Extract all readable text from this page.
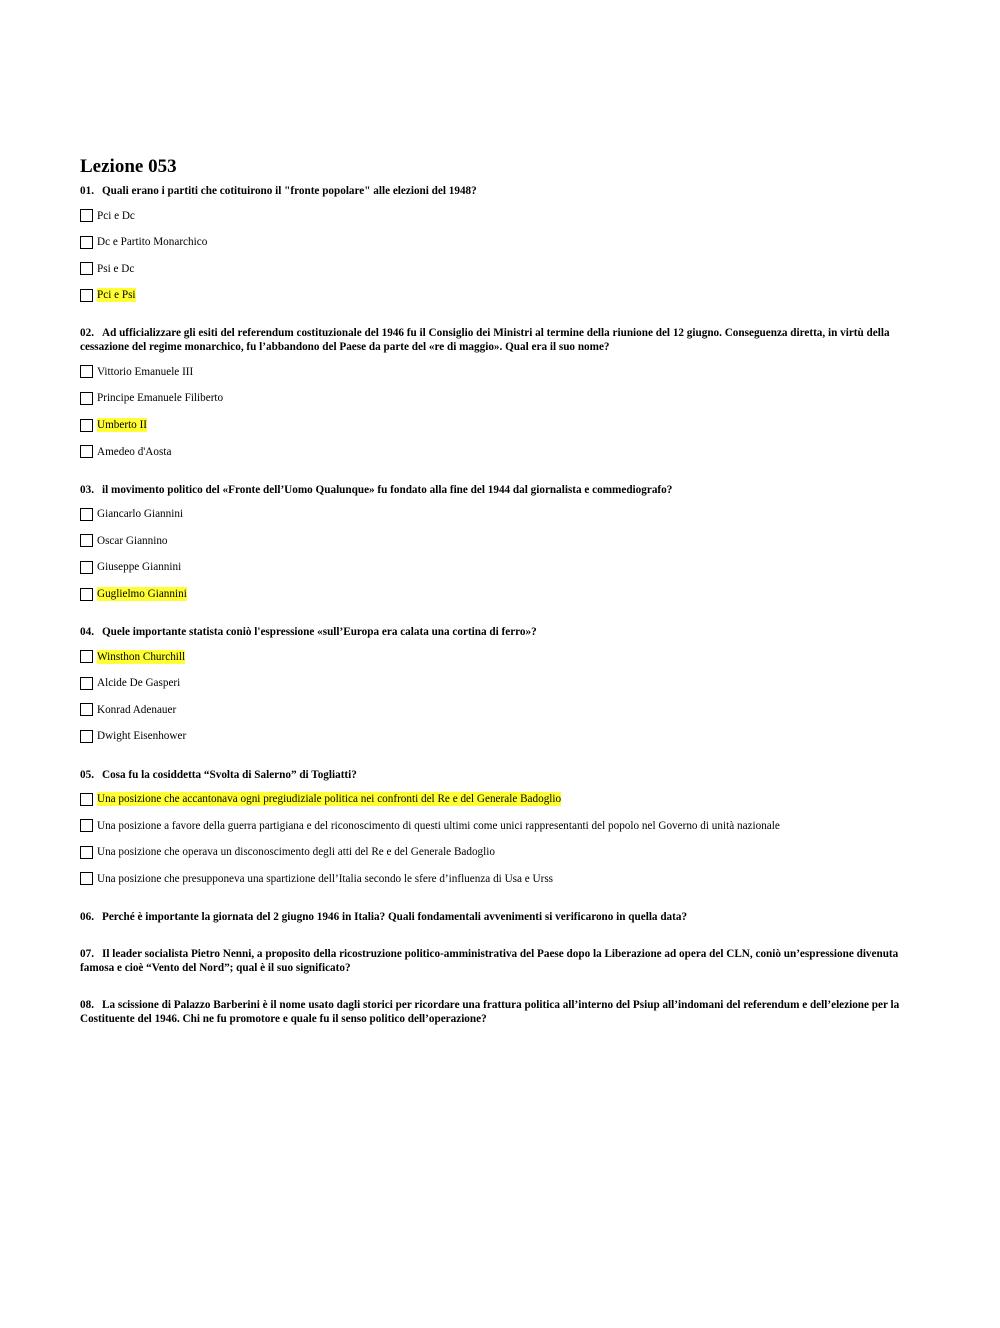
Lezione 053

01. Quali erano i partiti che cotituirono il "fronte popolare" alle elezioni del 1948?

Pci e Dc
Dc e Partito Monarchico
Psi e Dc
Pci e Psi

02. Ad ufficializzare gli esiti del referendum costituzionale del 1946 fu il Consiglio dei Ministri al termine della riunione del 12 giugno. Conseguenza diretta, in virtù della cessazione del regime monarchico, fu l’abbandono del Paese da parte del «re di maggio». Qual era il suo nome?

Vittorio Emanuele III
Principe Emanuele Filiberto
Umberto II
Amedeo d'Aosta

03. il movimento politico del «Fronte dell’Uomo Qualunque» fu fondato alla fine del 1944 dal giornalista e commediografo?

Giancarlo Giannini
Oscar Giannino
Giuseppe Giannini
Guglielmo Giannini

04. Quele importante statista coniò l'espressione «sull’Europa era calata una cortina di ferro»?

Winsthon Churchill
Alcide De Gasperi
Konrad Adenauer
Dwight Eisenhower

05. Cosa fu la cosiddetta “Svolta di Salerno” di Togliatti?

Una posizione che accantonava ogni pregiudiziale politica nei confronti del Re e del Generale Badoglio
Una posizione a favore della guerra partigiana e del riconoscimento di questi ultimi come unici rappresentanti del popolo nel Governo di unità nazionale
Una posizione che operava un disconoscimento degli atti del Re e del Generale Badoglio
Una posizione che presupponeva una spartizione dell’Italia secondo le sfere d’influenza di Usa e Urss

06. Perché è importante la giornata del 2 giugno 1946 in Italia? Quali fondamentali avvenimenti si verificarono in quella data?

07. Il leader socialista Pietro Nenni, a proposito della ricostruzione politico-amministrativa del Paese dopo la Liberazione ad opera del CLN, coniò un’espressione divenuta famosa e cioè “Vento del Nord”; qual è il suo significato?

08. La scissione di Palazzo Barberini è il nome usato dagli storici per ricordare una frattura politica all’interno del Psiup all’indomani del referendum e dell’elezione per la Costituente del 1946. Chi ne fu promotore e quale fu il senso politico dell’operazione?
